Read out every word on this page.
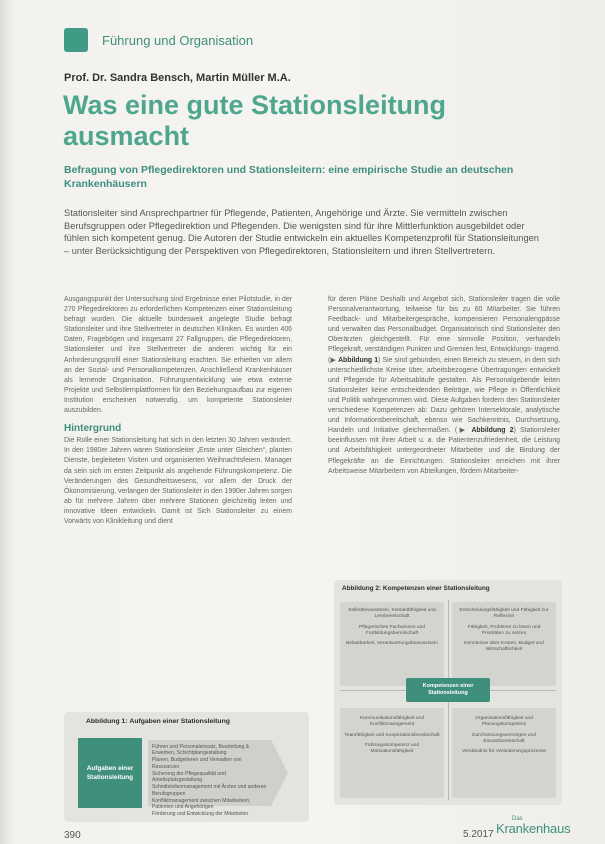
Führung und Organisation
Prof. Dr. Sandra Bensch, Martin Müller M.A.
Was eine gute Stationsleitung ausmacht
Befragung von Pflegedirektoren und Stationsleitern: eine empirische Studie an deutschen Krankenhäusern
Stationsleiter sind Ansprechpartner für Pflegende, Patienten, Angehörige und Ärzte. Sie vermitteln zwischen Berufsgruppen oder Pflegedirektion und Pflegenden. Die wenigsten sind für ihre Mittlerfunktion ausgebildet oder fühlen sich kompetent genug. Die Autoren der Studie entwickeln ein aktuelles Kompetenzprofil für Stationsleitungen – unter Berücksichtigung der Perspektiven von Pflegedirektoren, Stationsleitern und ihren Stellvertretern.

Ausgangspunkt der Untersuchung sind Ergebnisse einer Pilotstudie, in der 270 Pflegedirektoren zu erforderlichen Kompetenzen einer Stationsleitung befragt wurden. Die aktuelle bundesweit angelegte Studie befragt Stationsleiter und ihre Stellvertreter in deutschen Kliniken. Es wurden 406 Daten, Fragebögen und insgesamt 27 Fallgruppen, die Pflegedirektoren, Stationsleiter und ihre Stellvertreter die anderen wichtig für ein Anforderungsprofil einer Stationsleitung erachten. Sie erhielten vor allem an der Sozial- und Personalkompetenzen. Anschließend Krankenhäuser als lernende Organisation. Führungsentwicklung wie etwa externe Projekte und Selbstlernplattformen für den Beziehungsaufbau zur eigenen Institution erscheinen notwendig, um kompetente Stationsleiter auszubilden.

Hintergrund

Die Rolle einer Stationsleitung hat sich in den letzten 30 Jahren verändert. In den 1980er Jahren waren Stationsleiter „Erste unter Gleichen“, planten Dienste, begleiteten Visiten und organisierten Weihnachtsfeiern. Manager da sein sich im ersten Zeitpunkt als angehende Führungskompetenz. Die Veränderungen des Gesundheitswesens, vor allem der Druck der Ökonomisierung, verlangen der Stationsleiter in den 1990er Jahren sorgen ab für mehrere Jahren über mehrere Stationen gleichzeitig leiten und innovative Ideen entwickeln. Damit ist Sich Stationsleiter zu einem Vorwärts von Klinikleitung und dient

für deren Pläne Deshalb und Angebot sich, Stationsleiter tragen die volle Personalverantwortung, teilweise für bis zu 60 Mitarbeiter. Sie führen Feedback- und Mitarbeitergespräche, kompensieren Personalengpässe und verwalten das Personalbudget. Organisatorisch sind Stationsleiter den Oberärzten gleichgestellt. Für eine sinnvolle Position, verhandeln Pflegekraft, verständigen Punkten und Gremien fest, Entwicklungs- tragend. (▶ Abbildung 1) Sie sind gebunden, einen Bereich zu steuern, in dem sich unterschiedlichste Kreise über, arbeitsbezogene Übertragungen entwickelt und Pflegende für Arbeitsabläufe gestalten. Als Personalgebende leiten Stationsleiter keine entscheidenden Beiträge, wie Pflege in Öffentlichkeit und Politik wahrgenommen wird. Diese Aufgaben fordern den Stationsleiter verschiedene Kompetenzen ab: Dazu gehören Intersektorale, analytische und Informationsbereitschaft, ebenso wie Sachkenntnis, Durchsetzung, Handeln und Initiative gleichermaßen. (▶ Abbildung 2) Stationsleiter beeinflussen mit ihrer Arbeit u. a. die Patientenzufriedenheit, die Leistung und Arbeitsfähigkeit untergeordneter Mitarbeiter und die Bindung der Pflegekräfte an die Einrichtungen. Stationsleiter erreichen mit ihrer Arbeitsweise Mitarbeitern von Abteilungen, fördern Mitarbeiter-

Abbildung 1: Aufgaben einer Stationsleitung
Aufgaben einer Stationsleitung
Führen und Personaleinsatz, Beurteilung & Erwerben, Schichtplangestaltung
Planen, Budgetieren und Verwalten von Ressourcen
Sicherung der Pflegequalität und Arbeitsplatzgestaltung
Schnittstellenmanagement mit Ärzten und anderen Berufsgruppen
Konfliktmanagement zwischen Mitarbeitern, Patienten und Angehörigen
Förderung und Entwicklung der Mitarbeiter
Abbildung 2: Kompetenzen einer Stationsleitung
Selbstbewusstsein, Kontaktfähigkeit und Lernbereitschaft
Pflegerisches Fachwissen und Fortbildungsbereitschaft
Belastbarkeit, Verantwortungsbewusstsein
Entscheidungsfähigkeit und Fähigkeit zur Reflexion
Fähigkeit, Probleme zu lösen und Prioritäten zu setzen
Kenntnisse über Kosten, Budget und Wirtschaftlichkeit
Kommunikationsfähigkeit und Konfliktmanagement
Teamfähigkeit und Kooperationsbereitschaft
Führungskompetenz und Motivationsfähigkeit
Organisationsfähigkeit und Planungskompetenz
Durchsetzungsvermögen und Einsatzbereitschaft
Verständnis für Veränderungsprozesse
Kompetenzen einer Stationsleitung
390	5.2017
Das
Krankenhaus
